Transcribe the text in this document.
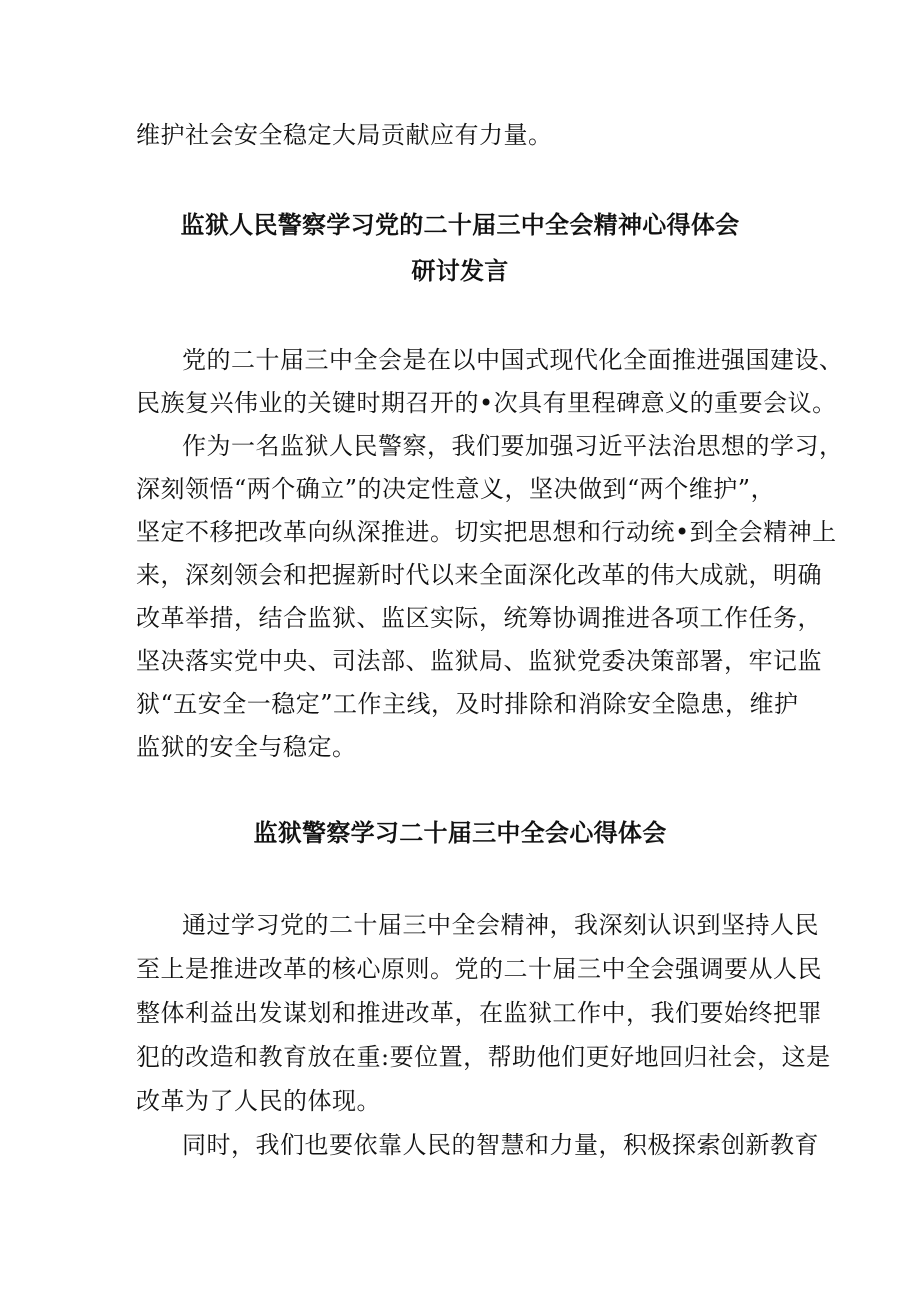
维护社会安全稳定大局贡献应有力量。
监狱人民警察学习党的二十届三中全会精神心得体会
研讨发言
党的二十届三中全会是在以中国式现代化全面推进强国建设、
民族复兴伟业的关键时期召开的•次具有里程碑意义的重要会议。
作为一名监狱人民警察，我们要加强习近平法治思想的学习，
深刻领悟“两个确立”的决定性意义，坚决做到“两个维护”，
坚定不移把改革向纵深推进。切实把思想和行动统•到全会精神上
来，深刻领会和把握新时代以来全面深化改革的伟大成就，明确
改革举措，结合监狱、监区实际，统筹协调推进各项工作任务，
坚决落实党中央、司法部、监狱局、监狱党委决策部署，牢记监
狱“五安全一稳定”工作主线，及时排除和消除安全隐患，维护
监狱的安全与稳定。
监狱警察学习二十届三中全会心得体会
通过学习党的二十届三中全会精神，我深刻认识到坚持人民
至上是推进改革的核心原则。党的二十届三中全会强调要从人民
整体利益出发谋划和推进改革，在监狱工作中，我们要始终把罪
犯的改造和教育放在重:要位置，帮助他们更好地回归社会，这是
改革为了人民的体现。
同时，我们也要依靠人民的智慧和力量，积极探索创新教育
